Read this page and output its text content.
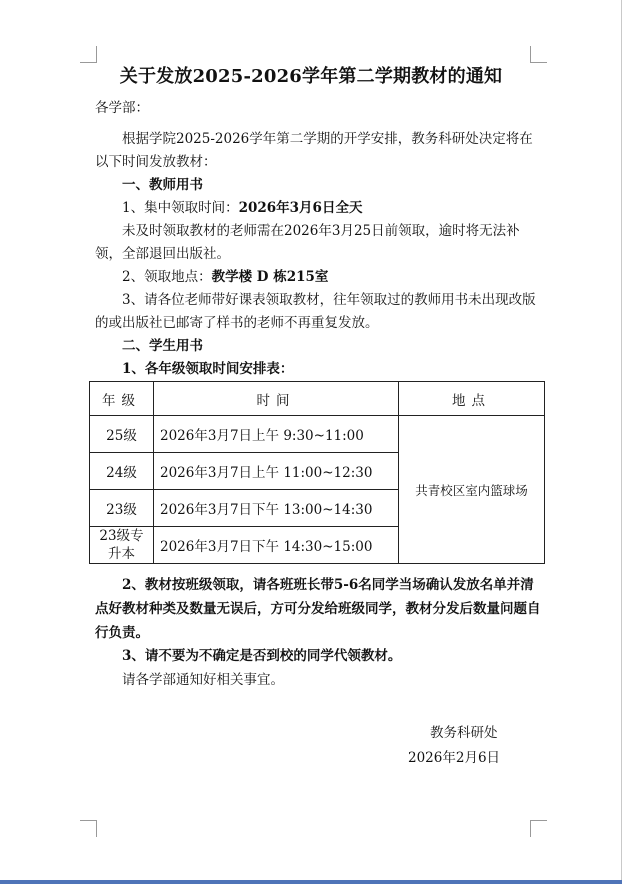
关于发放2025-2026学年第二学期教材的通知
各学部：
根据学院2025-2026学年第二学期的开学安排，教务科研处决定将在以下时间发放教材：
一、教师用书
1、集中领取时间：2026年3月6日全天
未及时领取教材的老师需在2026年3月25日前领取，逾时将无法补领，全部退回出版社。
2、领取地点：教学楼 D 栋215室
3、请各位老师带好课表领取教材，往年领取过的教师用书未出现改版的或出版社已邮寄了样书的老师不再重复发放。
二、学生用书
1、各年级领取时间安排表：
年级	时间	地点
25级	2026年3月7日上午 9:30~11:00	共青校区室内篮球场
24级	2026年3月7日上午 11:00~12:30	
23级	2026年3月7日下午 13:00~14:30	
23级专升本	2026年3月7日下午 14:30~15:00	
2、教材按班级领取，请各班班长带5-6名同学当场确认发放名单并清点好教材种类及数量无误后，方可分发给班级同学，教材分发后数量问题自行负责。
3、请不要为不确定是否到校的同学代领教材。
请各学部通知好相关事宜。
教务科研处
2026年2月6日
